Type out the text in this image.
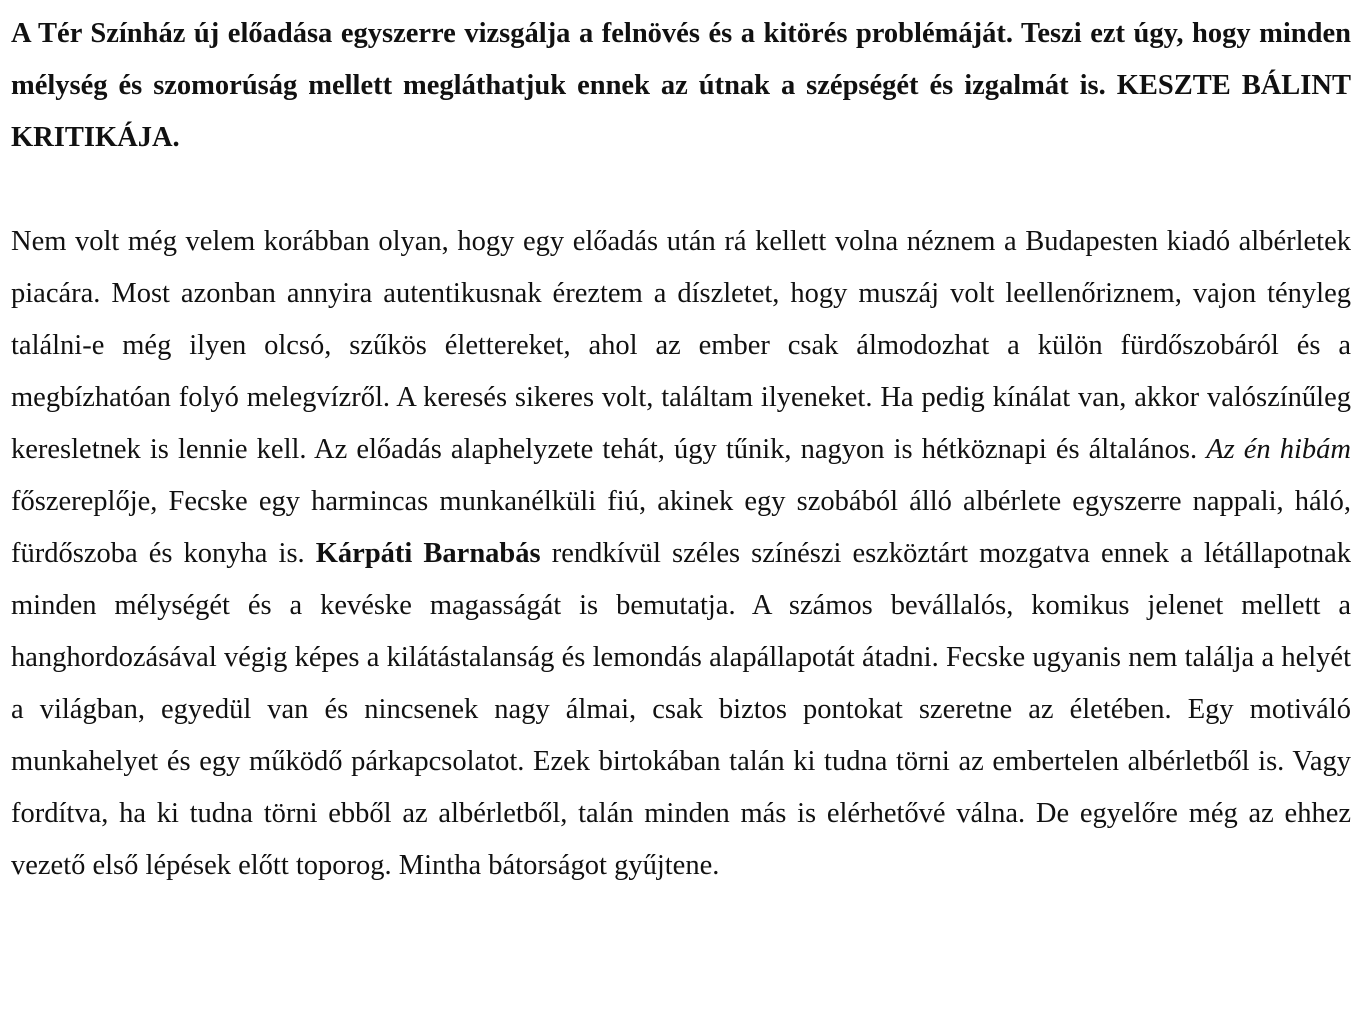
A Tér Színház új előadása egyszerre vizsgálja a felnövés és a kitörés problémáját. Teszi ezt úgy, hogy minden mélység és szomorúság mellett megláthatjuk ennek az útnak a szépségét és izgalmát is. KESZTE BÁLINT KRITIKÁJA.

Nem volt még velem korábban olyan, hogy egy előadás után rá kellett volna néznem a Budapesten kiadó albérletek piacára. Most azonban annyira autentikusnak éreztem a díszletet, hogy muszáj volt leellenőriznem, vajon tényleg találni-e még ilyen olcsó, szűkös élettereket, ahol az ember csak álmodozhat a külön fürdőszobáról és a megbízhatóan folyó melegvízről. A keresés sikeres volt, találtam ilyeneket. Ha pedig kínálat van, akkor valószínűleg keresletnek is lennie kell. Az előadás alaphelyzete tehát, úgy tűnik, nagyon is hétköznapi és általános. Az én hibám főszereplője, Fecske egy harmincas munkanélküli fiú, akinek egy szobából álló albérlete egyszerre nappali, háló, fürdőszoba és konyha is. Kárpáti Barnabás rendkívül széles színészi eszköztárt mozgatva ennek a létállapotnak minden mélységét és a kevéske magasságát is bemutatja. A számos bevállalós, komikus jelenet mellett a hanghordozásával végig képes a kilátástalanság és lemondás alapállapotát átadni. Fecske ugyanis nem találja a helyét a világban, egyedül van és nincsenek nagy álmai, csak biztos pontokat szeretne az életében. Egy motiváló munkahelyet és egy működő párkapcsolatot. Ezek birtokában talán ki tudna törni az embertelen albérletből is. Vagy fordítva, ha ki tudna törni ebből az albérletből, talán minden más is elérhetővé válna. De egyelőre még az ehhez vezető első lépések előtt toporog. Mintha bátorságot gyűjtene.
